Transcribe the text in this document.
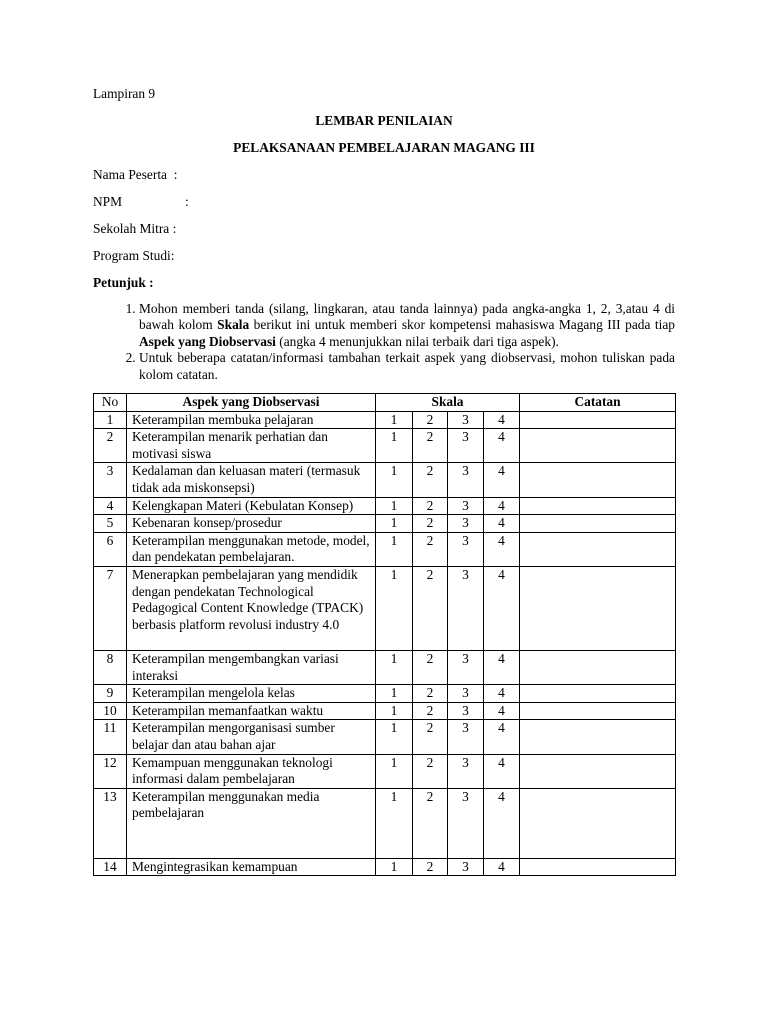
Lampiran 9
LEMBAR PENILAIAN
PELAKSANAAN PEMBELAJARAN MAGANG III
Nama Peserta
:
NPM	:
Sekolah Mitra
:
Program Studi :
Petunjuk :
1. Mohon memberi tanda (silang, lingkaran, atau tanda lainnya) pada angka-angka 1, 2, 3,atau 4 di bawah kolom Skala berikut ini untuk memberi skor kompetensi mahasiswa Magang III pada tiap Aspek yang Diobservasi (angka 4 menunjukkan nilai terbaik dari tiga aspek).
2. Untuk beberapa catatan/informasi tambahan terkait aspek yang diobservasi, mohon tuliskan pada kolom catatan.
No	Aspek yang Diobservasi	Skala				Catatan
1	Keterampilan membuka pelajaran	1	2	3	4	
2	Keterampilan menarik perhatian dan motivasi siswa	1	2	3	4	
3	Kedalaman dan keluasan materi (termasuk tidak ada miskonsepsi)	1	2	3	4	
4	Kelengkapan Materi (Kebulatan Konsep)	1	2	3	4	
5	Kebenaran konsep/prosedur	1	2	3	4	
6	Keterampilan menggunakan metode, model, dan pendekatan pembelajaran.	1	2	3	4	
7	Menerapkan pembelajaran yang mendidik dengan pendekatan Technological Pedagogical Content Knowledge (TPACK) berbasis platform revolusi industry 4.0	1	2	3	4	
8	Keterampilan mengembangkan variasi interaksi	1	2	3	4	
9	Keterampilan mengelola kelas	1	2	3	4	
10	Keterampilan memanfaatkan waktu	1	2	3	4	
11	Keterampilan mengorganisasi sumber belajar dan atau bahan ajar	1	2	3	4	
12	Kemampuan menggunakan teknologi informasi dalam pembelajaran	1	2	3	4	
13	Keterampilan menggunakan media pembelajaran	1	2	3	4	
14	Mengintegrasikan kemampuan	1	2	3	4	
